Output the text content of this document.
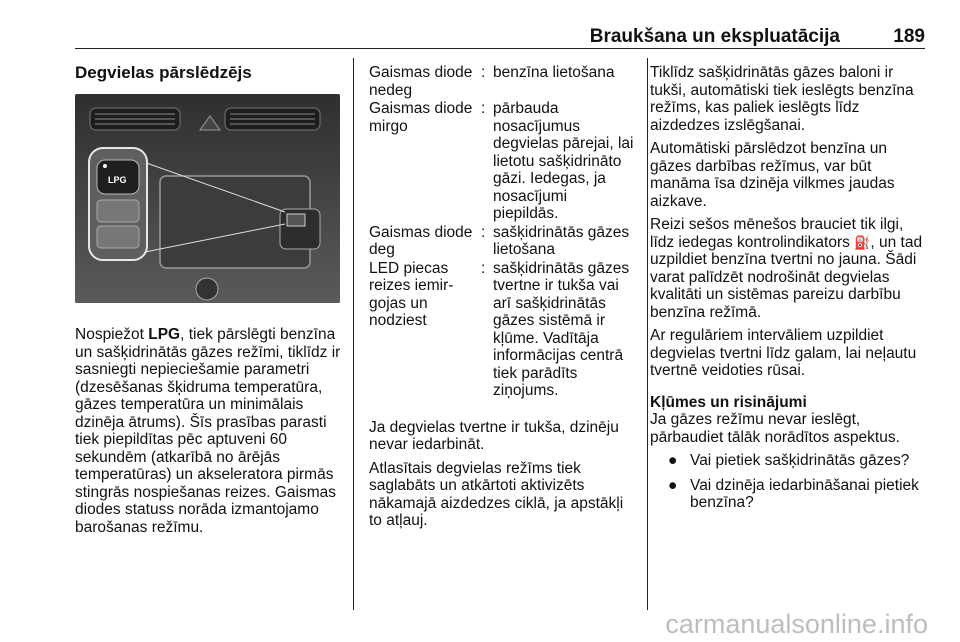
Braukšana un ekspluatācija	189
Degvielas pārslēdzējs
LPG
Nospiežot LPG, tiek pārslēgti benzīna un sašķidrinātās gāzes režīmi, tiklīdz ir sasniegti nepieciešamie parametri (dzesēšanas šķidruma temperatūra, gāzes temperatūra un minimālais dzinēja ātrums). Šīs prasības parasti tiek piepildītas pēc aptuveni 60 sekundēm (atkarībā no ārējās temperatūras) un akseleratora pirmās stingrās nospiešanas reizes. Gaismas diodes statuss norāda izmantojamo barošanas režīmu.
Gaismas diode nedeg
: benzīna lietošana
Gaismas diode mirgo
: pārbauda nosacījumus degvielas pārejai, lai lietotu sašķidrināto gāzi. Iedegas, ja nosacījumi piepildās.
Gaismas diode deg
: sašķidrinātās gāzes lietošana
LED piecas reizes iemir-gojas un nodziest
: sašķidrinātās gāzes tvertne ir tukša vai arī sašķidrinātās gāzes sistēmā ir kļūme. Vadītāja informācijas centrā tiek parādīts ziņojums.

Ja degvielas tvertne ir tukša, dzinēju nevar iedarbināt.

Atlasītais degvielas režīms tiek saglabāts un atkārtoti aktivizēts nākamajā aizdedzes ciklā, ja apstākļi to atļauj.

Tiklīdz sašķidrinātās gāzes baloni ir tukši, automātiski tiek ieslēgts benzīna režīms, kas paliek ieslēgts līdz aizdedzes izslēgšanai.

Automātiski pārslēdzot benzīna un gāzes darbības režīmus, var būt manāma īsa dzinēja vilkmes jaudas aizkave.

Reizi sešos mēnešos brauciet tik ilgi, līdz iedegas kontrolindikators ⛽, un tad uzpildiet benzīna tvertni no jauna. Šādi varat palīdzēt nodrošināt degvielas kvalitāti un sistēmas pareizu darbību benzīna režīmā.

Ar regulāriem intervāliem uzpildiet degvielas tvertni līdz galam, lai neļautu tvertnē veidoties rūsai.

Kļūmes un risinājumi

Ja gāzes režīmu nevar ieslēgt, pārbaudiet tālāk norādītos aspektus.

● Vai pietiek sašķidrinātās gāzes?
● Vai dzinēja iedarbināšanai pietiek benzīna?
carmanualsonline.info
